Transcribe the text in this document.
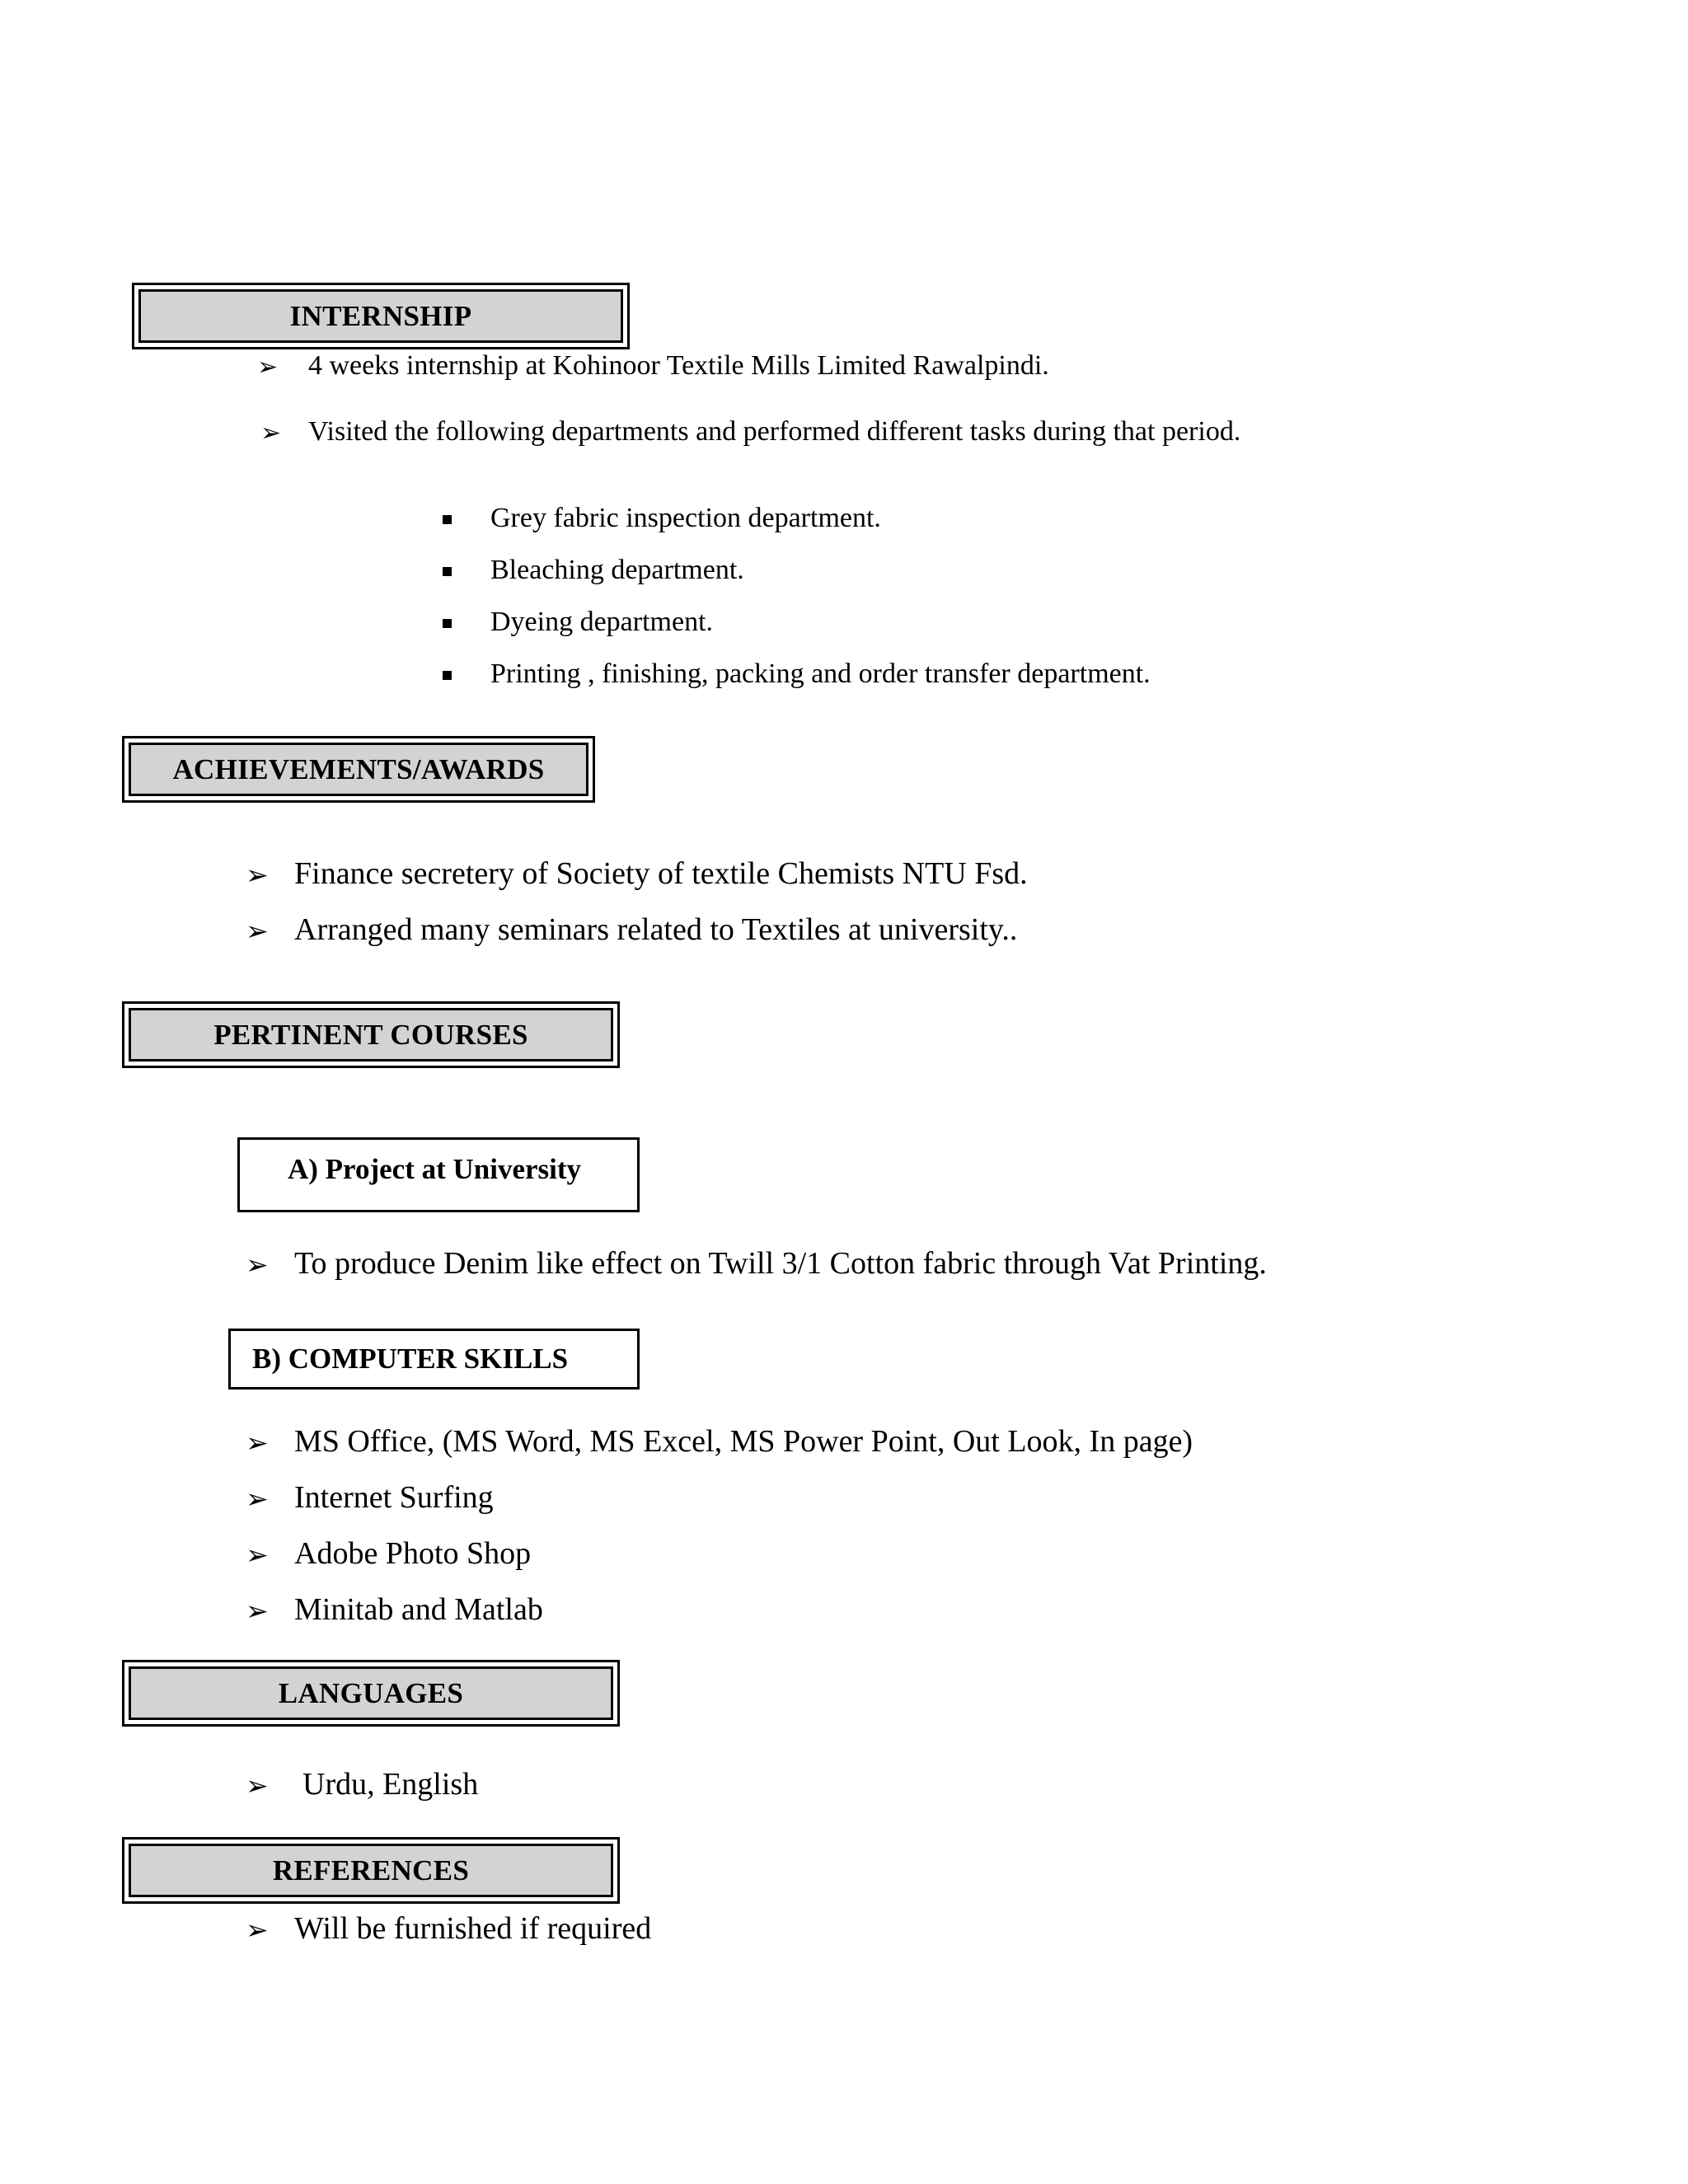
INTERNSHIP
➢ 4 weeks internship at Kohinoor Textile Mills Limited Rawalpindi.
➢ Visited the following departments and performed different tasks during that period.
Grey fabric inspection department.
Bleaching department.
Dyeing department.
Printing , finishing, packing and order transfer department.
ACHIEVEMENTS/AWARDS
➢ Finance secretery of Society of textile Chemists NTU Fsd.
➢ Arranged many seminars related to Textiles at university..
PERTINENT COURSES
A) Project at University
➢ To produce Denim like effect on Twill 3/1 Cotton fabric through Vat Printing.
B) COMPUTER SKILLS
➢ MS Office, (MS Word, MS Excel, MS Power Point, Out Look, In page)
➢ Internet Surfing
➢ Adobe Photo Shop
➢ Minitab and Matlab
LANGUAGES
➢ Urdu, English
REFERENCES
➢ Will be furnished if required
